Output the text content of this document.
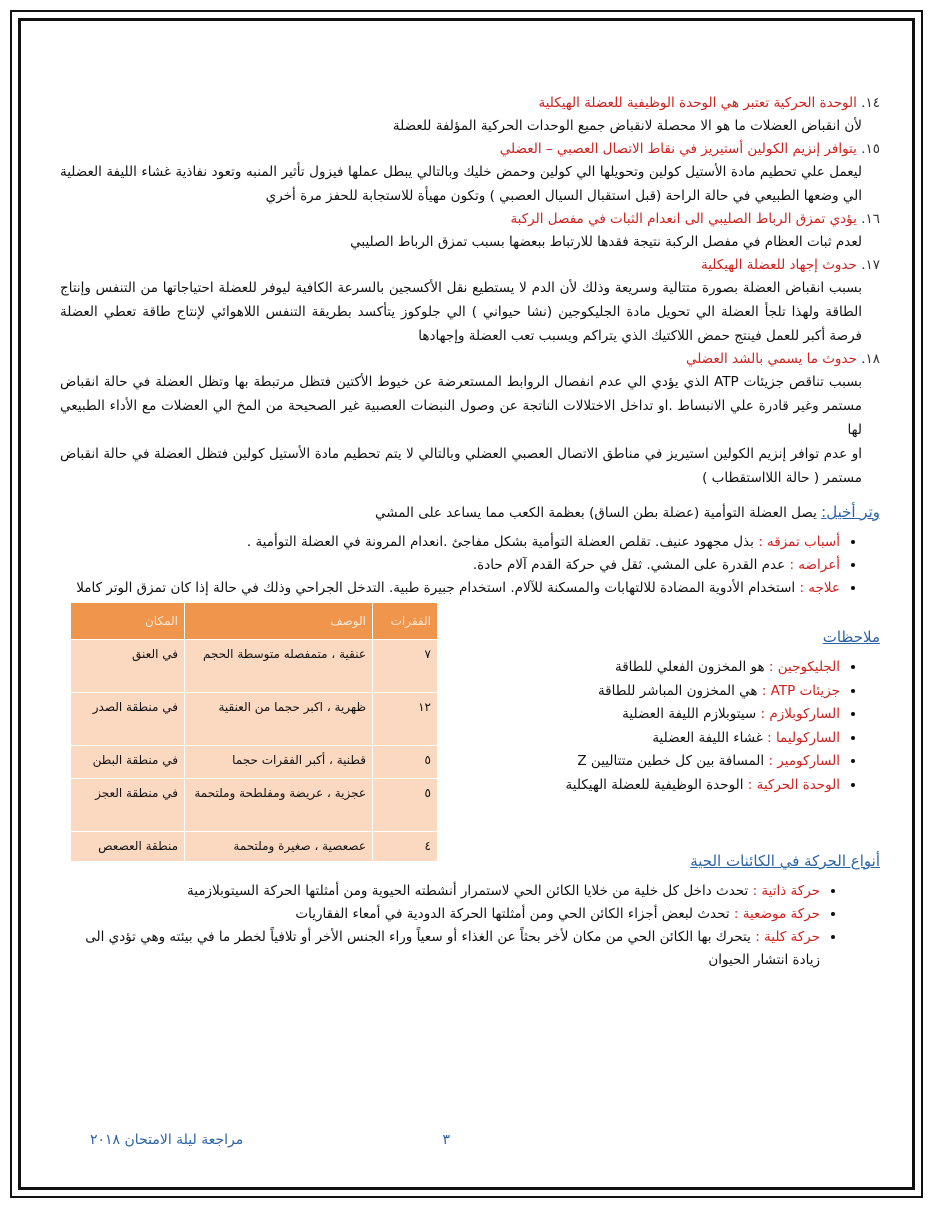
١٤. الوحدة الحركية تعتبر هي الوحدة الوظيفية للعضلة الهيكلية

لأن انقباض العضلات ما هو الا محصلة لانقباض جميع الوحدات الحركية المؤلفة للعضلة

١٥. يتوافر إنزيم الكولين أستيريز في نقاط الاتصال العصبي – العضلي

ليعمل علي تحطيم مادة الأستيل كولين وتحويلها الي كولين وحمض خليك وبالتالي يبطل عملها فيزول تأثير المنبه وتعود نفاذية غشاء الليفة العضلية الي وضعها الطبيعي في حالة الراحة (قبل استقبال السيال العصبي ) وتكون مهيأة للاستجابة للحفز مرة أخري

١٦. يؤدي تمزق الرباط الصليبي الى انعدام الثبات في مفصل الركبة

لعدم ثبات العظام في مفصل الركبة نتيجة فقدها للارتباط ببعضها بسبب تمزق الرباط الصليبي

١٧. حدوث إجهاد للعضلة الهيكلية

بسبب انقباض العضلة بصورة متتالية وسريعة وذلك لأن الدم لا يستطيع نقل الأكسجين بالسرعة الكافية ليوفر للعضلة احتياجاتها من التنفس وإنتاج الطاقة ولهذا تلجأ العضلة الي تحويل مادة الجليكوجين (نشا حيواني ) الي جلوكوز يتأكسد بطريقة التنفس اللاهوائي لإنتاج طاقة تعطي العضلة فرصة أكبر للعمل فينتج حمض اللاكتيك الذي يتراكم ويسبب تعب العضلة وإجهادها

١٨. حدوث ما يسمي بالشد العضلي

بسبب تناقص جزيئات ATP الذي يؤدي الي عدم انفصال الروابط المستعرضة عن خيوط الأكتين فتظل مرتبطة بها وتظل العضلة في حالة انقباض مستمر وغير قادرة علي الانبساط .او تداخل الاختلالات الناتجة عن وصول النبضات العصبية غير الصحيحة من المخ الي العضلات مع الأداء الطبيعي لها

او عدم توافر إنزيم الكولين استيريز في مناطق الاتصال العصبي العضلي وبالتالي لا يتم تحطيم مادة الأستيل كولين فتظل العضلة في حالة انقباض مستمر ( حالة اللااستقطاب )

وتر أخيل: يصل العضلة التوأمية (عضلة بطن الساق) بعظمة الكعب مما يساعد على المشي
• أسباب تمزقه : بذل مجهود عنيف. تقلص العضلة التوأمية بشكل مفاجئ .انعدام المرونة في العضلة التوأمية .
• أعراضه : عدم القدرة على المشي. ثقل في حركة القدم آلام حادة.
• علاجه : استخدام الأدوية المضادة للالتهابات والمسكنة للآلام. استخدام جبيرة طبية. التدخل الجراحي وذلك في حالة إذا كان تمزق الوتر كاملا
ملاحظات
• الجليكوجين : هو المخزون الفعلي للطاقة
• جزيئات ATP : هي المخزون المباشر للطاقة
• الساركوبلازم : سيتوبلازم الليفة العضلية
• الساركوليما : غشاء الليفة العضلية
• الساركومير : المسافة بين كل خطين متتاليين Z
• الوحدة الحركية : الوحدة الوظيفية للعضلة الهيكلية
الفقرات	الوصف	المكان
٧	عنقية ، متمفصله متوسطة الحجم	في العنق
١٢	ظهرية ، اكبر حجما من العنقية	في منطقة الصدر
٥	قطنية ، أكبر الفقرات حجما	في منطقة البطن
٥	عجزية ، عريضة ومفلطحة وملتحمة	في منطقة العجز
٤	عصعصية ، صغيرة وملتحمة	منطقة العصعص
أنواع الحركة في الكائنات الحية
• حركة ذاتية : تحدث داخل كل خلية من خلايا الكائن الحي لاستمرار أنشطته الحيوية ومن أمثلتها الحركة السيتوبلازمية
• حركة موضعية : تحدث لبعض أجزاء الكائن الحي ومن أمثلتها الحركة الدودية في أمعاء الفقاريات
• حركة كلية : يتحرك بها الكائن الحي من مكان لأخر بحثاً عن الغذاء أو سعياً وراء الجنس الأخر أو تلافياً لخطر ما في بيئته وهي تؤدي الى زيادة انتشار الحيوان
٣
مراجعة ليلة الامتحان ٢٠١٨
